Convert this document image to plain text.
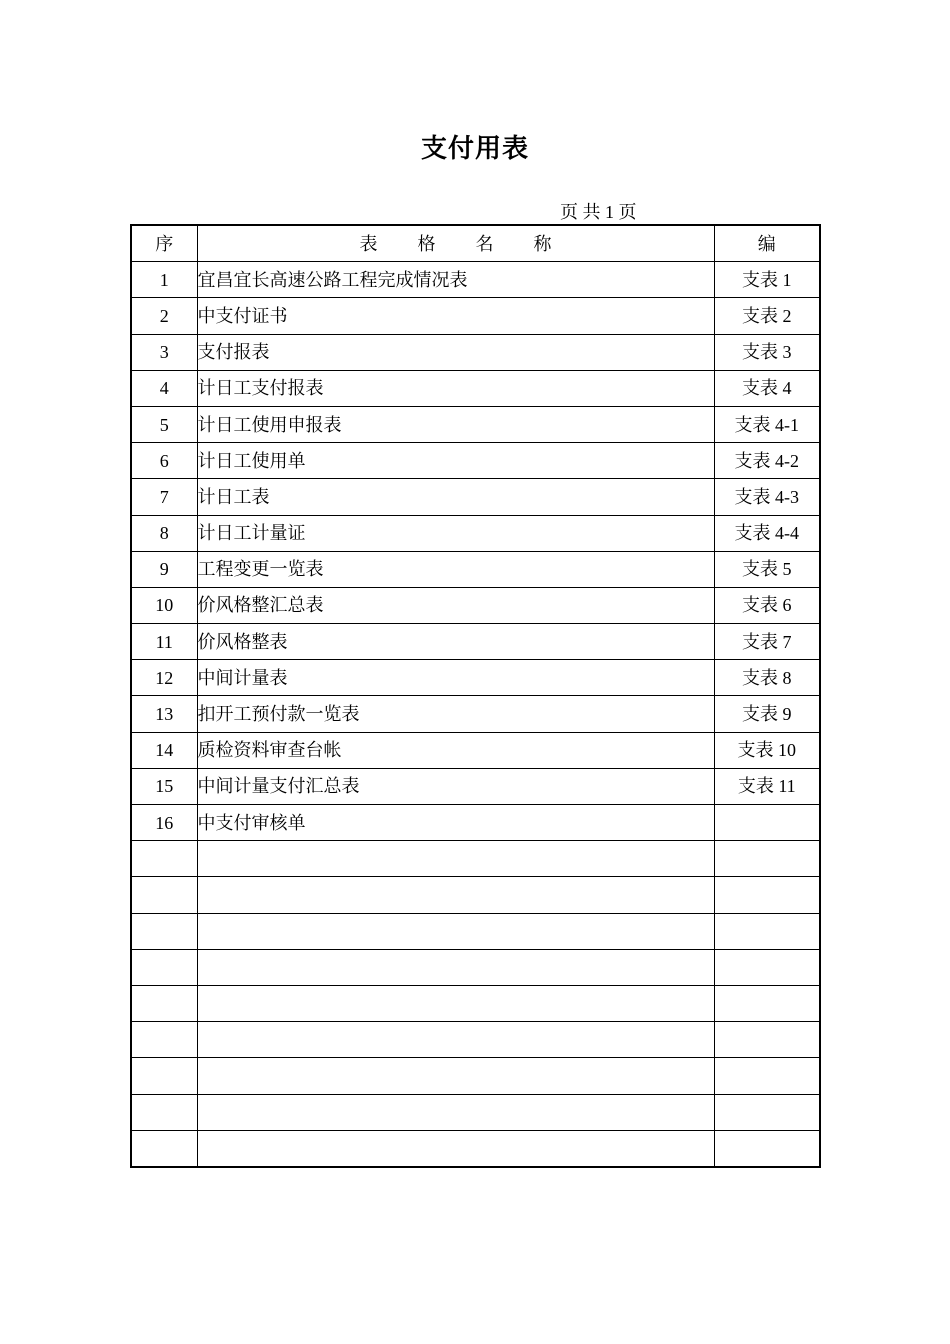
支付用表
页 共 1 页
序	表 格 名 称	编
1	宜昌宜长高速公路工程完成情况表	支表 1
2	中支付证书	支表 2
3	支付报表	支表 3
4	计日工支付报表	支表 4
5	计日工使用申报表	支表 4-1
6	计日工使用单	支表 4-2
7	计日工表	支表 4-3
8	计日工计量证	支表 4-4
9	工程变更一览表	支表 5
10	价风格整汇总表	支表 6
11	价风格整表	支表 7
12	中间计量表	支表 8
13	扣开工预付款一览表	支表 9
14	质检资料审查台帐	支表 10
15	中间计量支付汇总表	支表 11
16	中支付审核单	
